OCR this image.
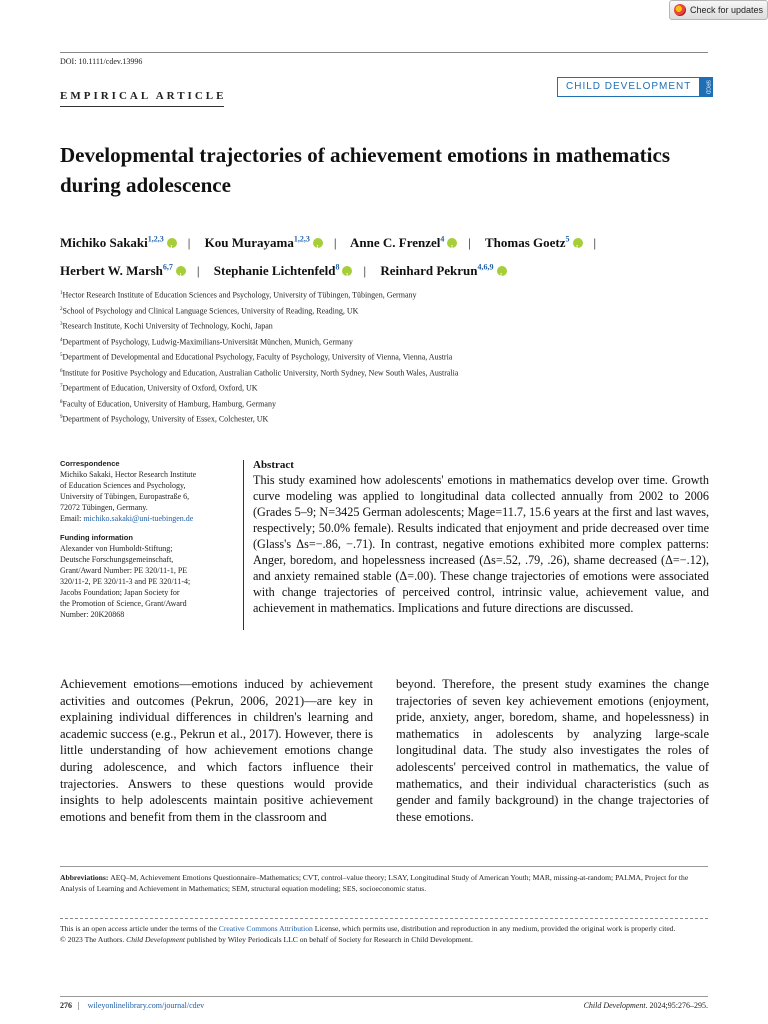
Check for updates
DOI: 10.1111/cdev.13996
EMPIRICAL ARTICLE
CHILD DEVELOPMENT	SRCD
Developmental trajectories of achievement emotions in mathematics during adolescence
Michiko Sakaki$^{1,2,3}$ i | Kou Murayama$^{1,2,3}$ i | Anne C. Frenzel$^4$ i | Thomas Goetz$^5$i |
Herbert W. Marsh$^{6,7}$ i | Stephanie Lichtenfeld$^8$ i | Reinhard Pekrun$^{4,6,9}$i
$^1$Hector Research Institute of Education Sciences and Psychology, University of Tübingen, Tübingen, Germany
$^2$School of Psychology and Clinical Language Sciences, University of Reading, Reading, UK
$^3$Research Institute, Kochi University of Technology, Kochi, Japan
$^4$Department of Psychology, Ludwig-Maximilians-Universität München, Munich, Germany
$^5$Department of Developmental and Educational Psychology, Faculty of Psychology, University of Vienna, Vienna, Austria
$^6$Institute for Positive Psychology and Education, Australian Catholic University, North Sydney, New South Wales, Australia
$^7$Department of Education, University of Oxford, Oxford, UK
$^8$Faculty of Education, University of Hamburg, Hamburg, Germany
$^9$Department of Psychology, University of Essex, Colchester, UK
Correspondence
Michiko Sakaki, Hector Research Institute
of Education Sciences and Psychology,
University of Tübingen, Europastraße 6,
72072 Tübingen, Germany.
Email: michiko.sakaki@uni-tuebingen.de
Funding information
Alexander von Humboldt-Stiftung;
Deutsche Forschungsgemeinschaft,
Grant/Award Number: PE 320/11-1, PE
320/11-2, PE 320/11-3 and PE 320/11-4;
Jacobs Foundation; Japan Society for
the Promotion of Science, Grant/Award
Number: 20K20868
Abstract
This study examined how adolescents' emotions in mathematics develop over time. Growth curve modeling was applied to longitudinal data collected annually from 2002 to 2006 (Grades 5–9; N=3425 German adolescents; Mage=11.7, 15.6 years at the first and last waves, respectively; 50.0% female). Results indicated that enjoyment and pride decreased over time (Glass's Δs=−.86, −.71). In contrast, negative emotions exhibited more complex patterns: Anger, boredom, and hopelessness increased (Δs=.52, .79, .26), shame decreased (Δ=−.12), and anxiety remained stable (Δ=.00). These change trajectories of emotions were associated with change trajectories of perceived control, intrinsic value, achievement value, and achievement in mathematics. Implications and future directions are discussed.
Achievement emotions—emotions induced by achievement activities and outcomes (Pekrun, 2006, 2021)—are key in explaining individual differences in children's learning and academic success (e.g., Pekrun et al., 2017). However, there is little understanding of how achievement emotions change during adolescence, and which factors influence their trajectories. Answers to these questions would provide insights to help adolescents maintain positive achievement emotions and benefit from them in the classroom and
beyond. Therefore, the present study examines the change trajectories of seven key achievement emotions (enjoyment, pride, anxiety, anger, boredom, shame, and hopelessness) in mathematics in adolescents by analyzing large-scale longitudinal data. The study also investigates the roles of adolescents' perceived control in mathematics, the value of mathematics, and their individual characteristics (such as gender and family background) in the change trajectories of these emotions.
Abbreviations: AEQ–M, Achievement Emotions Questionnaire–Mathematics; CVT, control–value theory; LSAY, Longitudinal Study of American Youth; MAR, missing-at-random; PALMA, Project for the Analysis of Learning and Achievement in Mathematics; SEM, structural equation modeling; SES, socioeconomic status.
This is an open access article under the terms of the Creative Commons Attribution License, which permits use, distribution and reproduction in any medium, provided the original work is properly cited.
© 2023 The Authors. Child Development published by Wiley Periodicals LLC on behalf of Society for Research in Child Development.
276 | wileyonlinelibrary.com/journal/cdev	Child Development. 2024;95:276–295.
